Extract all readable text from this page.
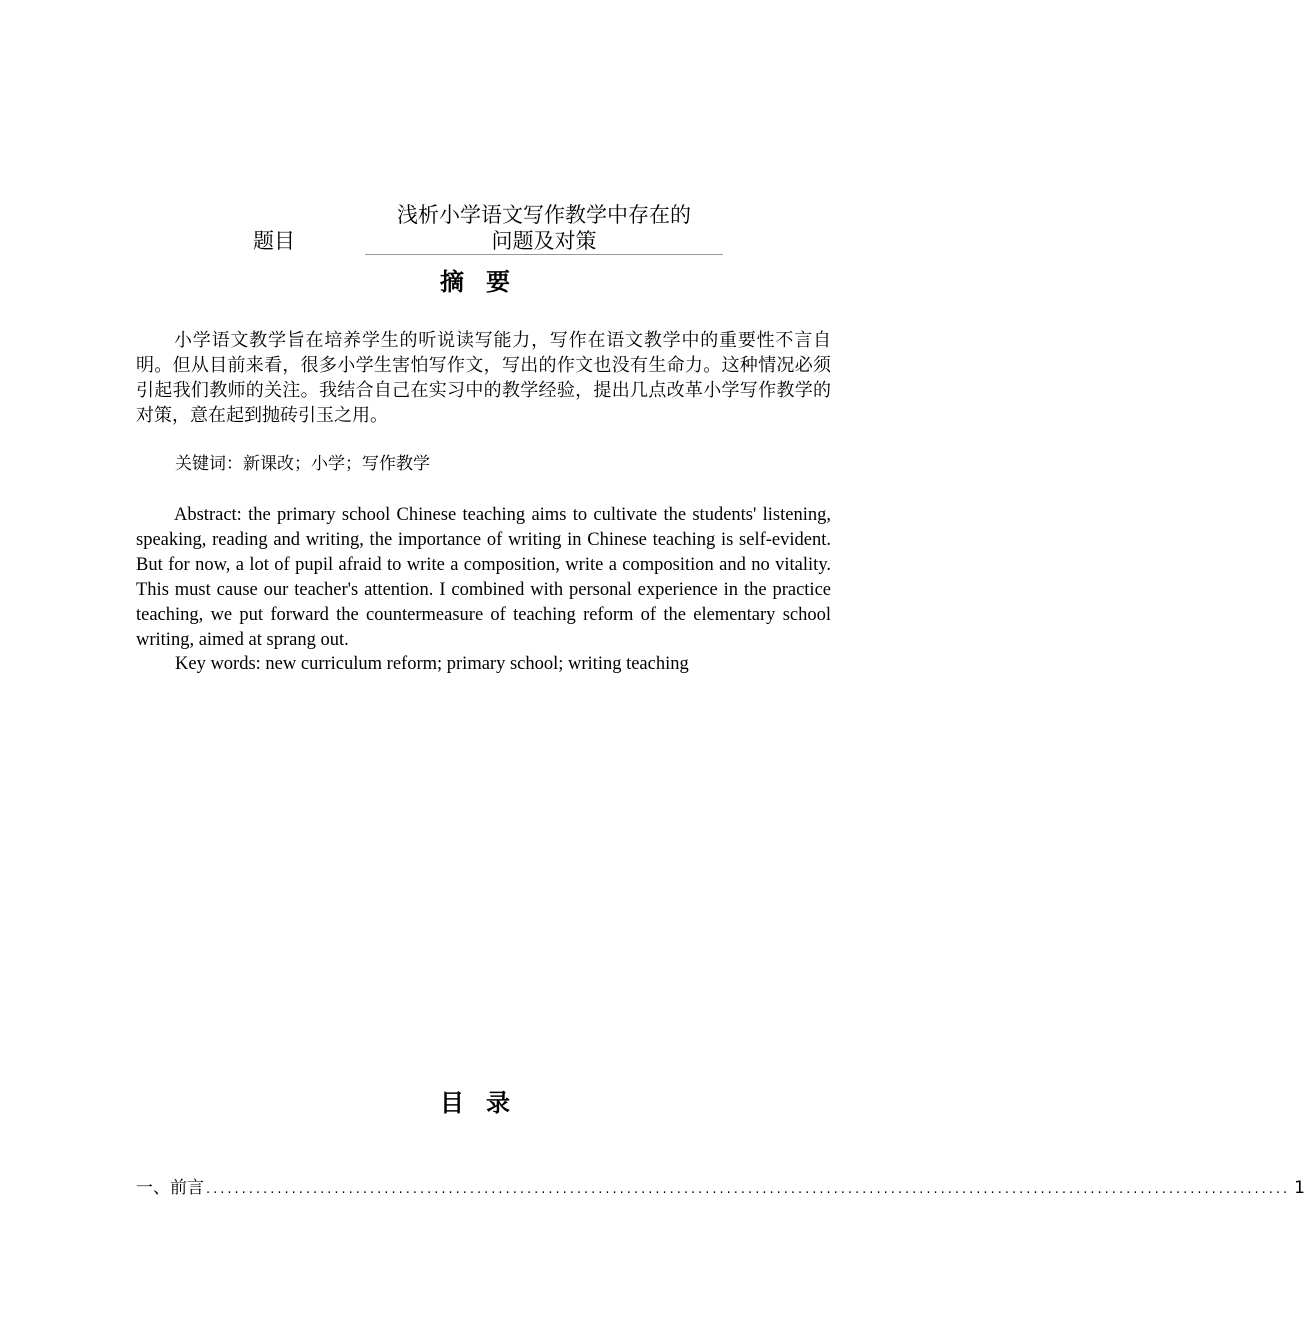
题目
浅析小学语文写作教学中存在的
问题及对策
摘要
小学语文教学旨在培养学生的听说读写能力，写作在语文教学中的重要性不言自明。但从目前来看，很多小学生害怕写作文，写出的作文也没有生命力。这种情况必须引起我们教师的关注。我结合自己在实习中的教学经验，提出几点改革小学写作教学的对策，意在起到抛砖引玉之用。
关键词：新课改；小学；写作教学
Abstract: the primary school Chinese teaching aims to cultivate the students' listening, speaking, reading and writing, the importance of writing in Chinese teaching is self-evident. But for now, a lot of pupil afraid to write a composition, write a composition and no vitality. This must cause our teacher's attention. I combined with personal experience in the practice teaching, we put forward the countermeasure of teaching reform of the elementary school writing, aimed at sprang out.
Key words: new curriculum reform; primary school; writing teaching
目录
一、前言 ........................................................................................................................................................ 1
